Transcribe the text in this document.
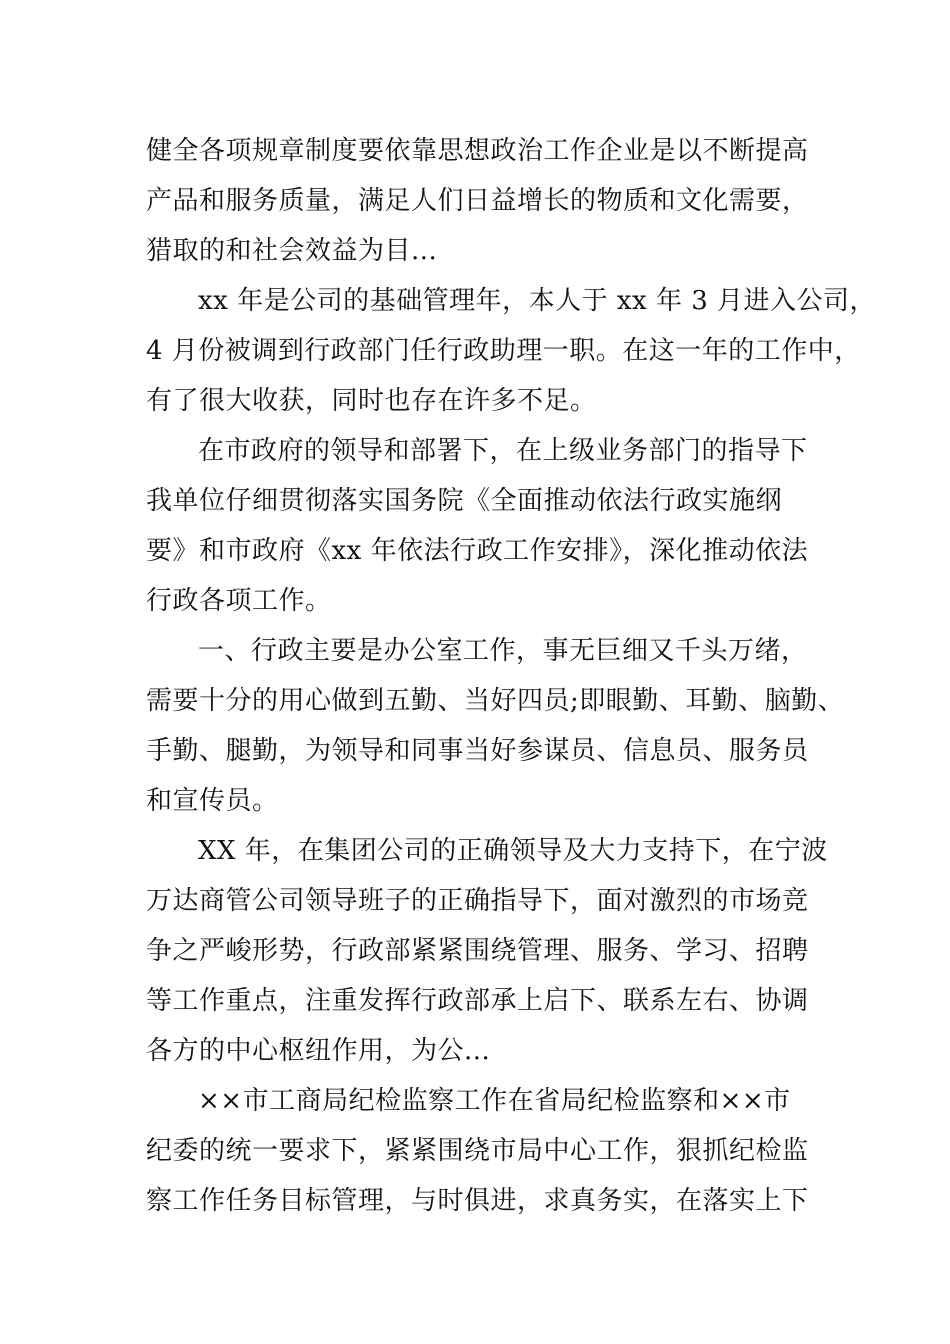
健全各项规章制度要依靠思想政治工作企业是以不断提高
产品和服务质量，满足人们日益增长的物质和文化需要，
猎取的和社会效益为目...
xx 年是公司的基础管理年，本人于 xx 年 3 月进入公司，
4 月份被调到行政部门任行政助理一职。在这一年的工作中，
有了很大收获，同时也存在许多不足。
在市政府的领导和部署下，在上级业务部门的指导下
我单位仔细贯彻落实国务院《全面推动依法行政实施纲
要》和市政府《xx 年依法行政工作安排》，深化推动依法
行政各项工作。
一、行政主要是办公室工作，事无巨细又千头万绪，
需要十分的用心做到五勤、当好四员;即眼勤、耳勤、脑勤、
手勤、腿勤，为领导和同事当好参谋员、信息员、服务员
和宣传员。
XX 年，在集团公司的正确领导及大力支持下，在宁波
万达商管公司领导班子的正确指导下，面对激烈的市场竞
争之严峻形势，行政部紧紧围绕管理、服务、学习、招聘
等工作重点，注重发挥行政部承上启下、联系左右、协调
各方的中心枢纽作用，为公...
××市工商局纪检监察工作在省局纪检监察和××市
纪委的统一要求下，紧紧围绕市局中心工作，狠抓纪检监
察工作任务目标管理，与时俱进，求真务实，在落实上下
